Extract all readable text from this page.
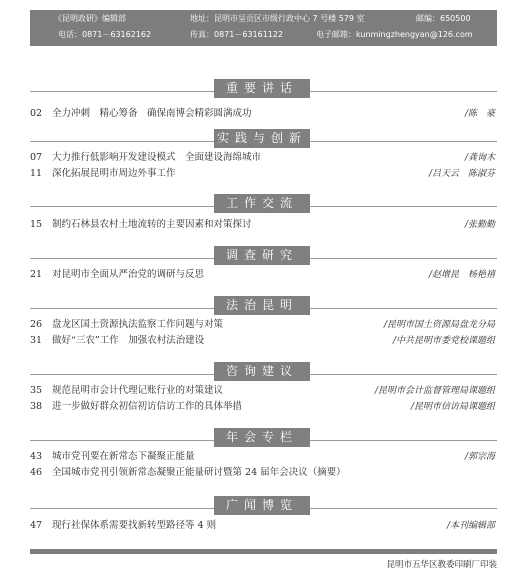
《昆明政研》编辑部	地址：昆明市呈贡区市级行政中心 7 号楼 579 室	邮编：650500
电话：0871－63162162	传真：0871－63161122	电子邮箱：kunmingzhengyan@126.com
重要讲话
02	全力冲刺　精心筹备　确保南博会精彩圆满成功	/陈　豪
实践与创新
07	大力推行低影响开发建设模式　全面建设海绵城市	/龚询木
11	深化拓展昆明市周边外事工作	/吕天云　陈淑芬
工作交流
15	制约石林县农村土地流转的主要因素和对策探讨	/张勤勤
调查研究
21	对昆明市全面从严治党的调研与反思	/赵增昆　杨艳禧
法治昆明
26	盘龙区国土资源执法监察工作问题与对策	/昆明市国土资源局盘龙分局
31	做好“三农”工作　加强农村法治建设	/中共昆明市委党校课题组
咨询建议
35	规范昆明市会计代理记账行业的对策建议	/昆明市会计监督管理局课题组
38	进一步做好群众初信初访信访工作的具体举措	/昆明市信访局课题组
年会专栏
43	城市党刊要在新常态下凝聚正能量	/郭宗海
46	全国城市党刊引领新常态凝聚正能量研讨暨第 24 届年会决议（摘要）
广闻博览
47	现行社保体系需要找新转型路径等 4 则	/本刊编辑部
昆明市五华区教委印刷厂印装
